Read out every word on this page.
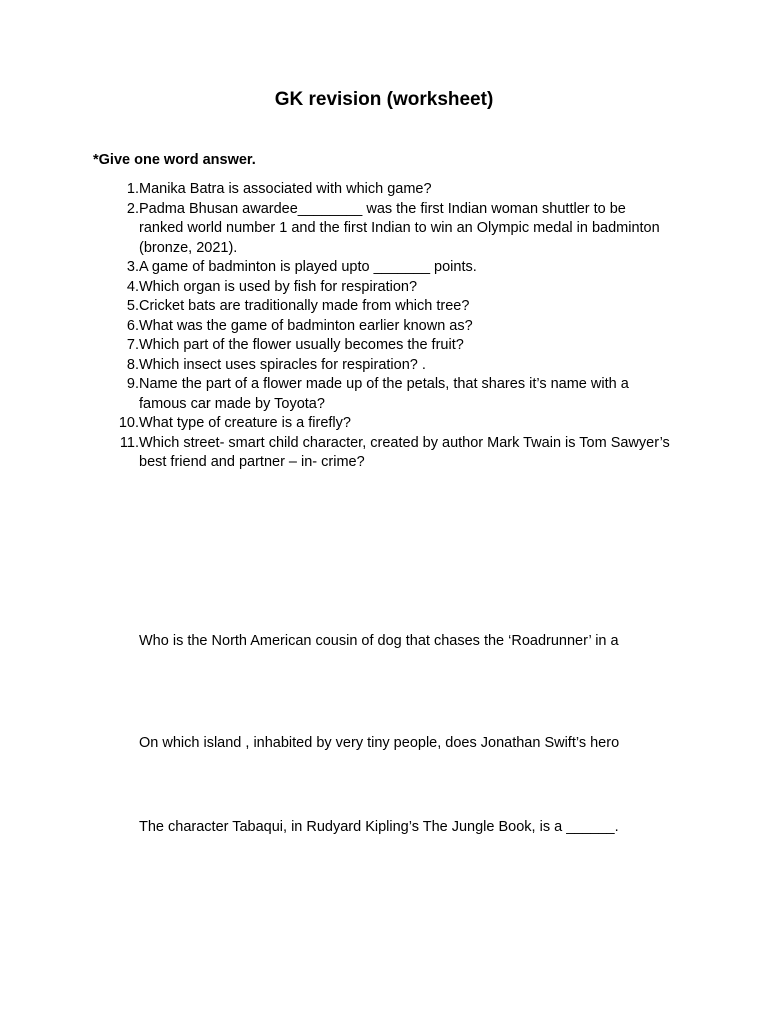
GK revision (worksheet)
*Give one word answer.
1. Manika Batra is associated with which game?
2. Padma Bhusan awardee________ was the first Indian woman shuttler to be ranked world number 1 and the first Indian to win an Olympic medal in badminton (bronze, 2021).
3. A game of badminton is played upto _______ points.
4. Which organ is used by fish for respiration?
5. Cricket bats are traditionally made from which tree?
6. What was the game of badminton earlier known as?
7. Which part of the flower usually becomes the fruit?
8. Which insect uses spiracles for respiration? .
9. Name the part of a flower made up of the petals, that shares it’s name with a famous car made by Toyota?
10. What type of creature is a firefly?
11. Which street- smart child character, created by author Mark Twain is Tom Sawyer’s best friend and partner – in- crime?
Who is the North American cousin of dog that chases the ‘Roadrunner’ in a
On which island , inhabited by very tiny people, does Jonathan Swift’s hero
The character Tabaqui, in Rudyard Kipling’s The Jungle Book, is a ______.
